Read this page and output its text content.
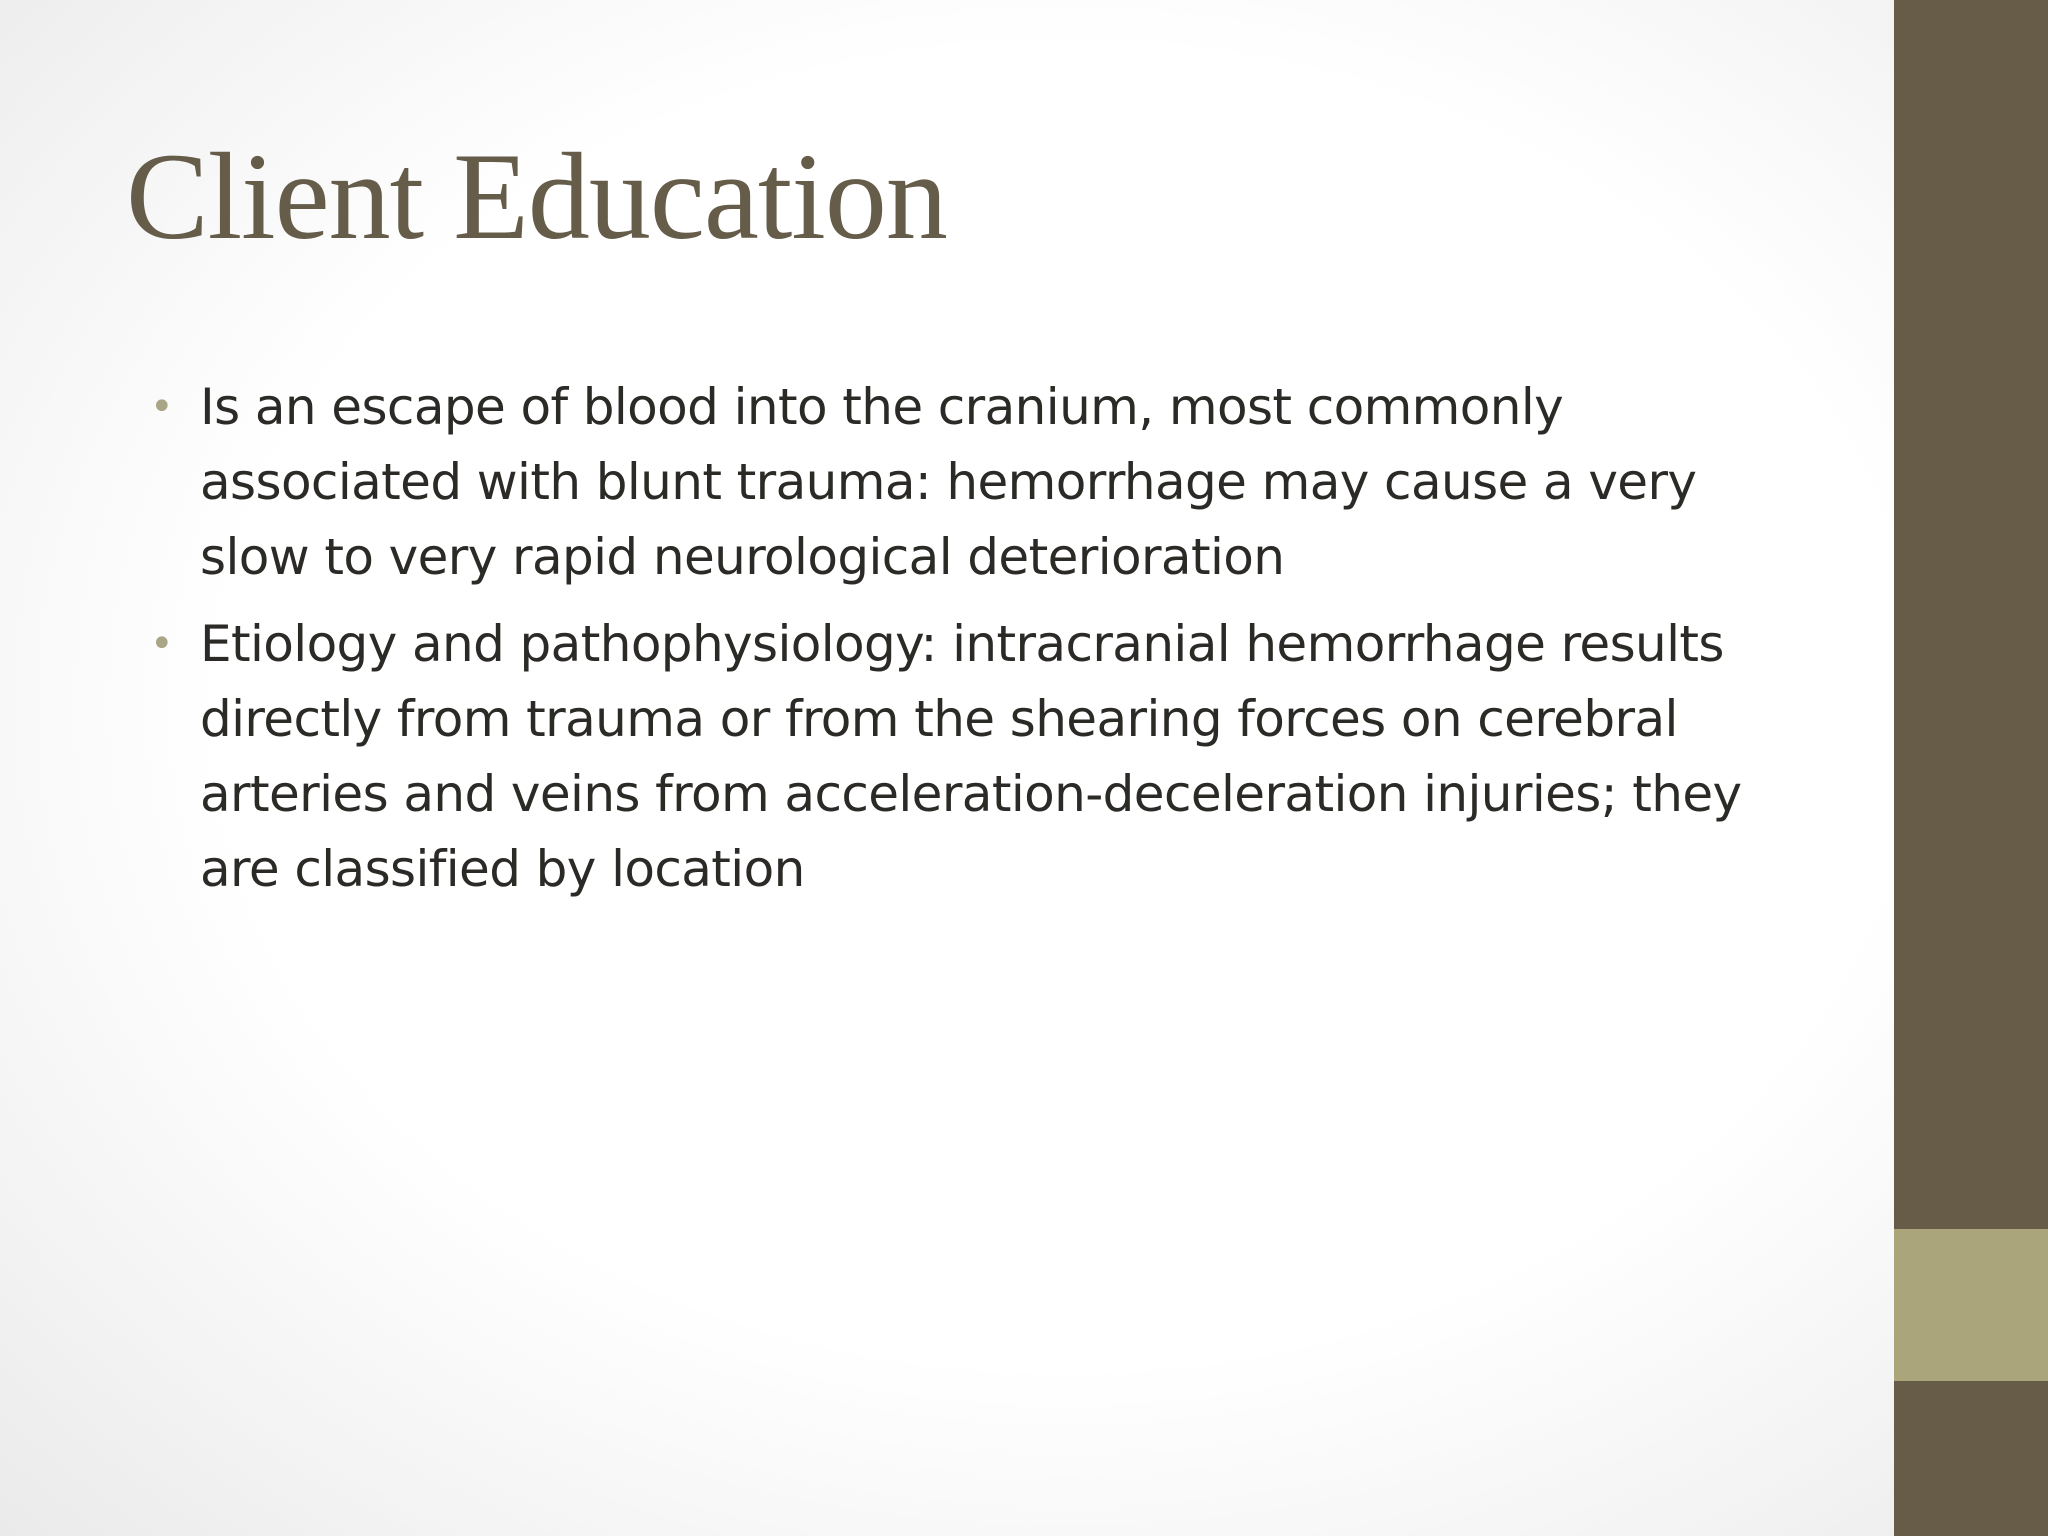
Client Education
• Is an escape of blood into the cranium, most commonly associated with blunt trauma: hemorrhage may cause a very slow to very rapid neurological deterioration
• Etiology and pathophysiology: intracranial hemorrhage results directly from trauma or from the shearing forces on cerebral arteries and veins from acceleration-deceleration injuries; they are classified by location
